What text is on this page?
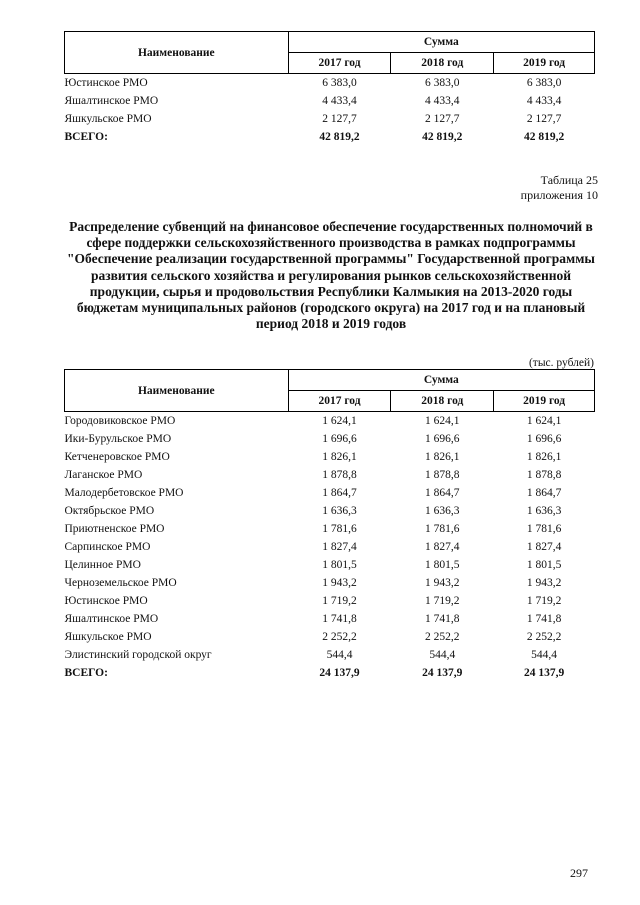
Наименование	Сумма		
	2017 год	2018 год	2019 год
Юстинское РМО	6 383,0	6 383,0	6 383,0
Яшалтинское РМО	4 433,4	4 433,4	4 433,4
Яшкульское РМО	2 127,7	2 127,7	2 127,7
ВСЕГО:	42 819,2	42 819,2	42 819,2
Таблица 25
приложения 10
Распределение субвенций на финансовое обеспечение государственных полномочий в сфере поддержки сельскохозяйственного производства в рамках подпрограммы "Обеспечение реализации государственной программы" Государственной программы развития сельского хозяйства и регулирования рынков сельскохозяйственной продукции, сырья и продовольствия Республики Калмыкия на 2013-2020 годы бюджетам муниципальных районов (городского округа) на 2017 год и на плановый период 2018 и 2019 годов
(тыс. рублей)
Наименование	Сумма		
	2017 год	2018 год	2019 год
Городовиковское РМО	1 624,1	1 624,1	1 624,1
Ики-Бурульское РМО	1 696,6	1 696,6	1 696,6
Кетченеровское РМО	1 826,1	1 826,1	1 826,1
Лаганское РМО	1 878,8	1 878,8	1 878,8
Малодербетовское РМО	1 864,7	1 864,7	1 864,7
Октябрьское РМО	1 636,3	1 636,3	1 636,3
Приютненское РМО	1 781,6	1 781,6	1 781,6
Сарпинское РМО	1 827,4	1 827,4	1 827,4
Целинное РМО	1 801,5	1 801,5	1 801,5
Черноземельское РМО	1 943,2	1 943,2	1 943,2
Юстинское РМО	1 719,2	1 719,2	1 719,2
Яшалтинское РМО	1 741,8	1 741,8	1 741,8
Яшкульское РМО	2 252,2	2 252,2	2 252,2
Элистинский городской округ	544,4	544,4	544,4
ВСЕГО:	24 137,9	24 137,9	24 137,9
297
